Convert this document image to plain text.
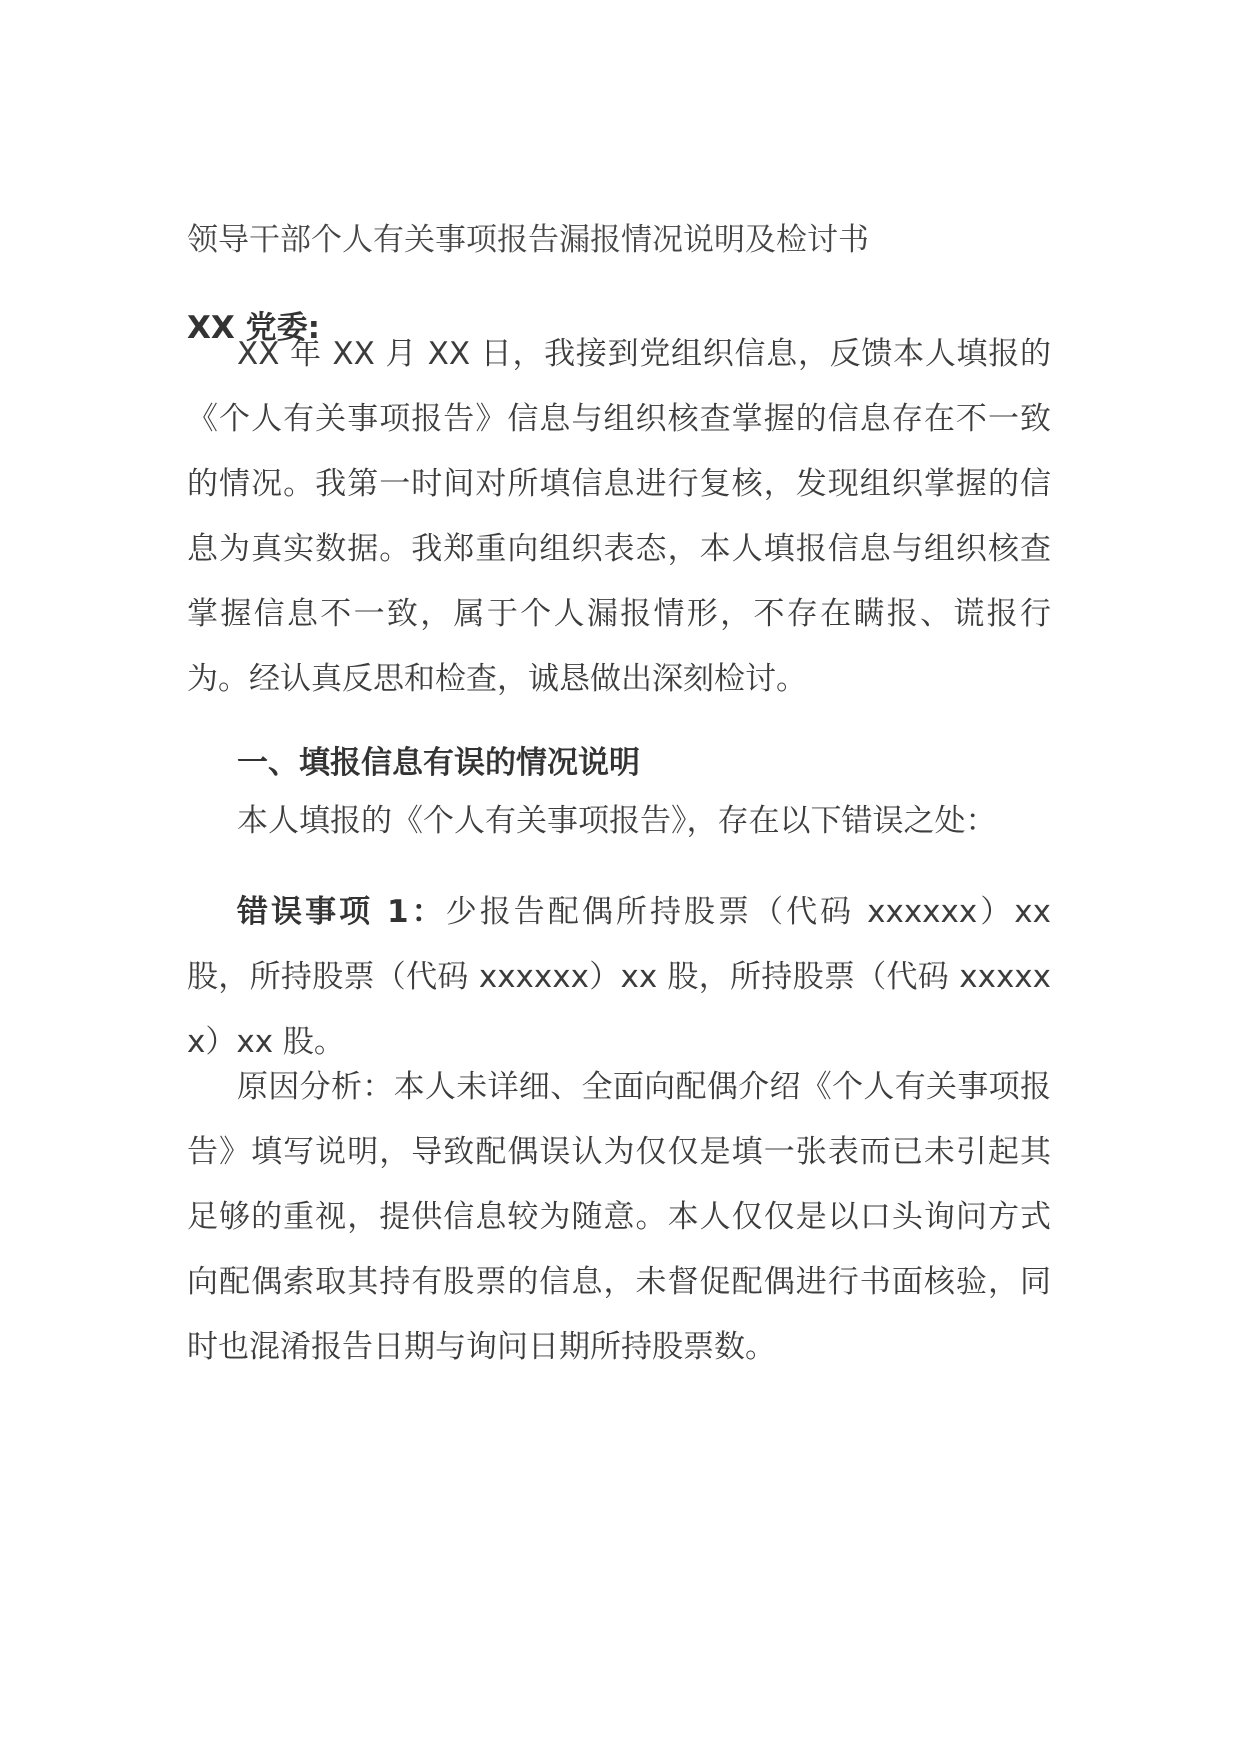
领导干部个人有关事项报告漏报情况说明及检讨书
XX 党委:
XX 年 XX 月 XX 日，我接到党组织信息，反馈本人填报的《个人有关事项报告》信息与组织核查掌握的信息存在不一致的情况。我第一时间对所填信息进行复核，发现组织掌握的信息为真实数据。我郑重向组织表态，本人填报信息与组织核查掌握信息不一致，属于个人漏报情形，不存在瞒报、谎报行为。经认真反思和检查，诚恳做出深刻检讨。
一、填报信息有误的情况说明
本人填报的《个人有关事项报告》，存在以下错误之处：
错误事项 1：少报告配偶所持股票（代码 xxxxxx）xx 股，所持股票（代码 xxxxxx）xx 股，所持股票（代码 xxxxxx）xx 股。
原因分析：本人未详细、全面向配偶介绍《个人有关事项报告》填写说明，导致配偶误认为仅仅是填一张表而已未引起其足够的重视，提供信息较为随意。本人仅仅是以口头询问方式向配偶索取其持有股票的信息，未督促配偶进行书面核验，同时也混淆报告日期与询问日期所持股票数。
